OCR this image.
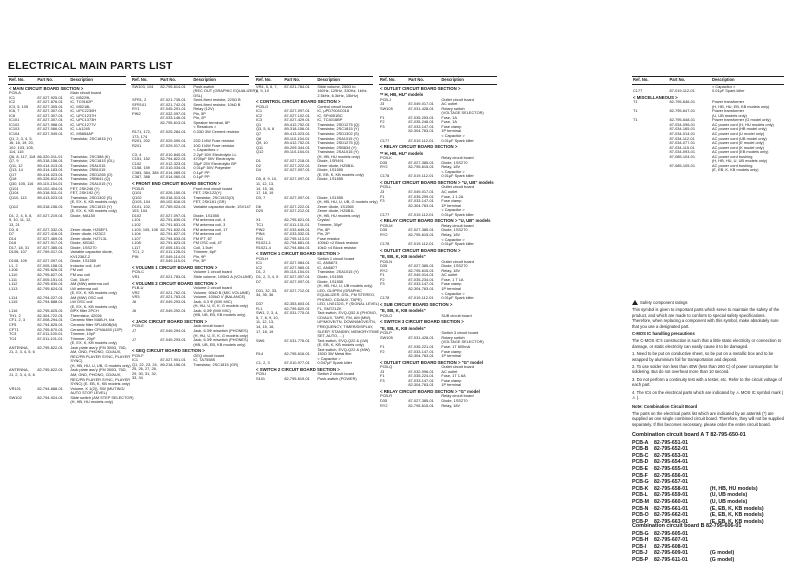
ELECTRICAL MAIN PARTS LIST
Ref. No.	Part No.	Description
< MAIN CIRCUIT BOARD SECTION >		
PCB-A		Main circuit board
IC1	87-027-925-01	IC, M5229L
IC2	87-027-876-01	IC, TC9162P
IC3, 5, 105	87-027-305-01	IC, M5218L
IC6, 7	87-027-307-01	IC, UPC2230H
IC8	87-027-307-01	IC, UPC1237H
IC101	87-027-307-01	IC, UPC1373H
IC102	87-027-988-01	IC, UPC1277V
IC103	87-027-066-01	IC, LA1245
IC104	87-027-949-01	IC, M5854AP
Q1, 2, 3, 4, 5,		Transistor, 2SC1815 (Y)
16, 18, 19, 20,		
102, 103, 105,		
114, 115		
Q6, 8, 117, 118	86-320-011-01	Transistor, 2SC388 (K)
Q7, 9	89-318-156-01	Transistor, 2SC1815 (GL)
Q11, 12	89-414-013-01	Transistor, 2SA1015
Q13, 14	89-314-183-01	Transistor, 2SB1015
Q17	89-414-023-01	Transistor, 2SD1265 (O)
Q18	89-326-612-01	Transistor, 2SB641 (Q)
Q30, 105, 116	89-110-154-01	Transistor, 2SA1015 (Y)
Q101	89-102-404-01	FET, 2SK246 (Y)
Q104	89-318-511-01	FET, 2SK192 (Y)
Q110, 113	89-413-023-01	Transistor, 2SD1302 (S)
		(E, EX, K, KB models only)
Q112	89-318-156-01	Transistor, 2SC1815 (Y)
		(E, EX, K, KB models only)
D1, 2, 4, 5, 8,	87-027-219-01	Diode, MA150
9, 10, 11, 12,		
13, 21		
D3, 6	87-027-332-01	Zener diode, HZ6EF1
D7	87-027-416-01	Zener diode, HZ3C2
D14	87-027-469-01	Zener diode, HZ7L3L
D16	87-027-917-01	Diode, KB162
D17, 18, 31	87-027-385-01	Diode, 1SS270
D106, 107	87-769-017-01	Variable capacitor diode,
		KV1236Z-2
D108, 109	87-027-097-01	Diode, 1S1555
L1, 2	87-005-158-01	Inductor coil, 1uH
L106	82-795-626-01	FM coil
L110	82-795-627-01	FM osc coil
L111	87-005-151-01	Coil, 15uH
L112	82-795-630-01	AM (MW) antenna coil
L113	82-795-624-01	LW antenna coil
		(E, EX, K, KB models only)
L114	82-794-027-01	AM (MW) OSC coil
L115	82-794-688-01	LW OSC coil
		(E, EX, K, KB models only)
L116	82-795-625-01	MPX filter 2PCH
TH1, 2	82-304-722-01	Thermistor, 42026
CF1, 2, 3	87-008-294-01	Ceramic filter MAB-H, k/a
CF5	82-794-625-01	Ceramic filter SFU450B(M)
CFT1	82-795-670-01	Ceramic filter CFMA450 (12P)
TC3	87-011-100-01	Trimmer, 10pF
TC4	87-011-101-01	Trimmer, 20pF
		(E, EX, K, KB models only)
ANTENNA,	82-795-622-01	Jack plate ass'y (FM 300Ω, 75Ω,
J1, 2, 3, 4, 5, 6		AM, GND, PHONO, CD/AUX,
		REC/PB PLAYER SYNC, PLAYER
		SYNC)
		(H, HB, HU, U, UB, G models only)
ANTENNA,	82-795-622-01	Jack plate ass'y (FM 300Ω, 75Ω,
J1, 2, 3, 4, 5, 6		AM, GND, PHONO, CD/AUX,
		REC/PB PLAYER SYNC, PLAYER
		SYNC) (E, EB, K, KB models only)
VR101	82-794-688-01	Volume, K 1(2)), SW (MUTING/
		AUTO STOP LEVEL)
SW102	82-794-924-01	Slide switch (AM STEP SELECTOR)
		(H, HB, HU models only)
Ref. No.	Part No.	Description
SW103, 104	82-795-614-01	Push-switch
		(REC OUT (GRAPHIC EQUALIZER),
		DSL)
SFR1, 2	87-021-735-01	Semi-fixed resistor, 220Ω B
SFR101	87-021-742-01	Semi-fixed resistor, 10kΩ B
RY1	87-045-291-01	Relay (12V)
PIN2	87-032-097-01	Pin, 5P
	87-033-146-01	Pin, 2P
	82-795-613-01	Speaker terminal, 8P
		< Resistors >
R171, 172,	87-025-284-01	0.33Ω 3W Cement resistor
173, 174		
R201, 202	87-029-090-01	22Ω 1/4W Fuse resistor
R201	87-029-017-01	10Ω 1/4W Fuse resistor
		< Capacitors >
C3, 4	87-010-840-01	2.2μF 50V Electrolytic LL
C151, 152	82-794-822-01	4700μF 50V Electrolytic
C102	87-012-323-01	33μF 25V Electrolytic BP
C158, 159	87-010-034-01	0.01μF 50V Polyester
C383, 384, 385	87-014-089-01	0.1μF PP
C387, 388	87-014-060-01	0.1μF PP
< FRONT END CIRCUIT BOARD SECTION >		
PCB-B		Front end circuit board
Q101	87-026-150-01	FET, 2SK122(Y)
Q102	89-318-313-01	Transistor, 2SC1923(O)
Q103, 104	89-102-616-01	FET, 2SK161 (GR)
D101, 102,	87-769-024-01	Variable capacitor diode, 1SV147
103, 104		
D102	87-027-097-01	Diode, 1S1555
L101	82-791-630-01	FM antenna coil, 4
L102	82-791-631-01	FM antenna coil, 3
L103, 105, 106	82-791-632-01	FM antenna coil, 1T
L104	82-791-627-01	FM antenna coil
L107	82-794-633-01	FM IFT, 6T
L108	82-791-623-01	FM OSC coil, 4T
L117	87-005-151-01	Coil, 1.5uH
TC1, 2	87-011-128-01	Trimmer, 6pF
PIN	87-049-114-01	Pin, 9P
	87-049-115-01	Pin, 3P
< VOLUME 1 CIRCUIT BOARD SECTION >		
PCB-C		Volume 1 circuit board
VR1	87-021-783-01	Slide volume, 100kΩ A (VOLUME)
< VOLUME 2 CIRCUIT BOARD SECTION >		
PLB-U		Volume 2 circuit board
VR2	87-021-762-01	Volume, 50kΩ B (MIC VOLUME)
VR3	87-021-763-01	Volume, 100kΩ V (BALANCE)
J6	87-049-293-01	Jack, 6.3 Φ (MIX MIC)
		(H, HU, U, E, K, G models only)
J6	87-049-292-01	Jack, 6.3Φ (MIX MIC)
		(HB, UB, EB, KB models only)
< JACK CIRCUIT BOARD SECTION >		
PCB-E		Jack circuit board
J7	87-049-294-01	Jack, 6.3Φ w/switch (PHONES)
		(H, HU, U, E, K, G models only)
J7	87-049-293-01	Jack, 6.3Φ w/switch (PHONES)
		(HB, UB, EB, KB models only)
< GEQ CIRCUIT BOARD SECTION >		
PCB-F		GEQ circuit board
IC1	87-027-901-01	IC, TA7558S
Q1, 22, 23, 24,	89-218-156-01	Transistor, 2SC1815 (GR)
25, 26, 27, 28,		
29, 30, 31, 32,		
33, 34		
Ref. No.	Part No.	Description
VR4, 5, 6, 7,	87-021-784-01	Slide volume, 250Ω to
8, 9, 10		160Hz, 125Hz, 330Hz, 1kHz,
		2.5kHz, 6.3kHz, 15kHz)
< CONTROL CIRCUIT BOARD SECTION >		
PCB-G		Control circuit board
IC1	87-027-097-01	IC, μPD7004C018
IC2	87-027-102-01	IC, SP4051BC
IC3	87-027-429-01	IC, TC4016BP
Q1	89-412-752-01	Transistor, 2SD1275 (Q)
Q3, 5, 6, 8	89-318-156-01	Transistor, 2SC1815 (Y)

Q7	89-413-023-01	Transistor, 2SD1302 (S)
Q8	89-110-154-01	Transistor, 2SA1015 (Y)
Q9, 10	89-412-752-01	Transistor, 2SD1275 (Q)
Q11	89-209-344-01	Transistor, 2SB834 (Y)
Q12	89-110-154-01	Transistor, 2SA1015 (Y)
		(H, HB, HU models only)
D1	87-027-218-01	Diode, 1SR491
D2	87-027-222-01	Zener diode, HZ6B1L
D4	87-027-097-01	Diode, 1S1555
		(E, EB, K, KB models only)
D5, 8, 9, 10,	87-027-097-01	Diode, 1S1555
11, 12, 13,		
14, 15, 16,		
17, 18, 19		
D3, 7	87-027-097-01	Diode, 1S1555
		(H, HB, HU, U, UB, G models only)
D6	87-027-222-01	Zener diode, 1S1565
D20	87-027-212-01	Zener diode, HZ6B1L
		(H, HB, HU models only)
X1	82-795-621-01	Crystal
TC1	87-011-131-01	Trimmer, 30pF
PIN2	87-033-649-01	Pin, 8P
PIN4	87-033-532-01	Pin, 2P

R41	82-795-113-01	Fuse resistor
R1021-1	82-794-681-01	100kΩ ×2 Block resistor
R1021-4	82-794-684-01	10kΩ ×4 Block resistor
< SWITCH 1 CIRCUIT BOARD SECTION >		
PCB-H		Switch 1 circuit board
IC1	87-027-984-01	IC, AN6873
IC2	87-027-985-01	IC, AN6877
D1, 2	89-110-154-01	Transistor, 2SA1015 (Y)
D1, 2, 3, 4, 5	87-027-097-01	Diode, 1S1555
D7	87-027-097-01	Diode, 1S1555
		(H, HB, HU, U, UB models only)
D31, 32, 33,	87-027-712-01	LED, GL9PR4 (GRAPHIC
34, 35, 36		EQUALIZER, DSL, FM STEREO,
		PHONO, CD/AUX, TAPE)
D37	82-353-603-01	LED, LN0132G, F (SIGNAL LEVEL)
FL1	82-795-620-01	FL, SMT21ZK
SW1, 2, 3, 4,	87-031-775-01	Tact switch, EVQ-Q52 & (PHONO,
5, 7, 8, 9, 10,		CD/AUX, TAPE, FM, AM (MW),
11, 12, 13,		UP/MOVE/TN, DOWN/MOVE/TN,
14, 15, 16,		FREQUENCY, TIMER/DISPLAY,
17, 18, 19		SLEEP, STANDBY, MEMORY/TIME
		SET, AUTO, ...)
SW6	87-031-776-01	Tact switch, EVQ-Q22 & (LW)
		(E, EB, K, KB models only)
		Tact switch, EVQ-Q22 & (MW)
R14	82-795-616-01	150Ω 3W Metal film
		< Capacitor >
C1, 2, 3	87-010-977-01	0.047μF Spark killer
< SWITCH 2 CIRCUIT BOARD SECTION >		
PCB-I		Switch 2 circuit board
S101	82-795-619-01	Push-switch (POWER)
Ref. No.	Part No.	Description
< OUTLET CIRCUIT BOARD SECTION >		
** H, HB, HU" models		
PCB-J		Outlet circuit board
J3	87-049-017-01	AC outlet
SW105	87-031-428-01	Rotary switch
		(VOLTAGE SELECTOR)
F1	87-035-253-01	Fuse, 1A
F2	87-035-246-01	Fuse, 1A
F3	87-033-147-01	Fuse clamp
	82-304-763-01	1P terminal
		< Capacitor >
C177	87-019-112-01	0.01μF Spark killer
< RELAY CIRCUIT BOARD SECTION >		
** H, HB, HU" models		
PCB-K		Relay circuit board
D35	87-027-385-01	Diode, 1SS270
RY2	82-795-615-01	Relay, 18V
		< Capacitor >
C178	87-019-112-01	0.01μF Spark killer
< OUTLET CIRCUIT BOARD SECTION > "U, UB" models		
PCB-L		Outlet circuit board
J3	87-049-017-01	AC outlet
F1	87-035-299-01	Fuse, 1 1.2A
F3	87-033-147-01	Fuse clamp
	82-304-763-01	1P terminal
		< Capacitor >
C177	87-019-112-01	0.01μF Spark killer
< RELAY CIRCUIT BOARD SECTION > "U, UB" models		
PCB-M		Relay circuit board
D35	87-027-385-01	Diode, 1SS270
RY2	82-795-615-01	Relay, 18V
		< Capacitor >
C178	87-019-112-01	0.01μF Spark killer
< OUTLET CIRCUIT BOARD SECTION >		
"E, EB, K, KB models"		
PCB-N		Outlet circuit board
D35	87-027-385-01	Diode, 1SS270
RY2	82-795-615-01	Relay, 18V
F1	87-049-014-01	AC outlet
F2	87-035-234-01	Fuse, 1 T 1A
F3	87-033-147-01	Fuse clamp
	82-304-763-01	1P terminal
		< Capacitor >
C178	87-019-112-01	0.01μF Spark killer
< SUB CIRCUIT BOARD SECTION >		
"E, EB, K, KB models"		
PCB-O		SUB circuit board
< SWITCH 3 CIRCUIT BOARD SECTION >		
"E, EB, K, KB models"		
PCB-P		Switch 3 circuit board
SW105	87-031-428-01	Rotary switch
		(VOLTAGE SELECTOR)
F1	87-035-221-01	Fuse, 1T 800mA
F2	87-033-147-01	Fuse clamp
	82-304-763-01	1P terminal
< OUTLET CIRCUIT BOARD SECTION > "G" model		
PCB-Q		Outlet circuit board
J3	87-032-996-01	AC outlet
F1	87-035-224-01	Fuse, 1T 1.6A
F3	87-033-147-01	Fuse clamp
	82-304-763-01	1P terminal
< RELAY CIRCUIT BOARD SECTION > "G" model		
PCB-R		Relay circuit board
D35	87-027-385-01	Diode, 1SS270
RY2	82-795-615-01	Relay, 18V
Ref. No.	Part No.	Description
		< Capacitor >
C177	87-019-112-01	0.01μF Spark killer
< MISCELLANEOUS >		
T1	82-795-646-01	Power transformer
		(H, HB, HU, EB, KB models only)
T1	82-795-647-01	Power transformer
		(U, UB models only)
T1	82-795-648-01	Power transformer (G model only)
	87-034-096-01	AC power cord (H, HU models only)
	87-034-165-01	AC power cord (HB model only)
	87-034-014-01	AC power cord (U model only)
	87-034-112-01	AC power cord (UB model only)
	87-034-077-01	AC power cord (E model only)
	87-034-115-01	AC power cord (K model only)
	87-034-093-01	AC power cord (EB models only)
	87-085-104-01	AC power cord bushing
		(H, HB, HU, U, UB models only)
	87-085-105-01	AC power cord bushing
		(E, EB, K, KB models only)

Safety component ratings

This symbol is given to important parts which serve to maintain the safety of the product, and which are made to conform to special safety specifications. Therefore, when replacing a component with this symbol, make absolutely sure that you use a designated part.

C-MOS IC handling precautions

The C-MOS IC's construction is such that a little static electricity or connection to damage, or static electricity can easily cause it to be damaged.

1. Need to be put on conductive sheet, so be put on a metallic box and to be wrapped by aluminium foil for transportation and deposit.

2. To use solder iron less than 40W (less than 260 C) of power consumption for soldering. But do not overheat more than 10 second.

3. Do not perform a continuity test with a tester, etc. Refer to the circuit voltage of each part.

4. The ICs on the electrical parts which are indicated by ⚠ MOS IC symbol mark ( ⚠ ).

Note: Combination Circuit Board

The parts on the electrical parts list which are indicated by an asterisk (*) are supplied as one single combined circuit board. Therefore, they will not be supplied separately. If this becomes necessary, please order the entire circuit board.

Combination circuit board A T 82-795-650-01
PCB-A	82-795-651-01
PCB-B	82-795-652-01
PCB-C	82-795-653-01
PCB-D	82-795-654-01
PCB-E	82-795-655-01
PCB-F	82-795-656-01
PCB-G	82-795-657-01
PCB-K	82-795-658-01	(H, HB, HU models)
PCB-L	82-795-659-01	(U, UB models)
PCB-M 82-795-660-01	(U, UB models)
PCB-N	82-795-661-01	(E, EB, K, KB models)
PCB-O	82-795-662-01	(E, EB, K, KB models)
PCB-P	82-795-663-01	(E, EB, K, KB models)
Combination circuit board B 82-795-606-01
PCB-G	82-795-605-01
PCB-H	82-795-607-01
PCB-I	82-795-608-01
PCB-J	82-795-609-01	(G model)
PCB-P	82-795-611-01	(G model)
